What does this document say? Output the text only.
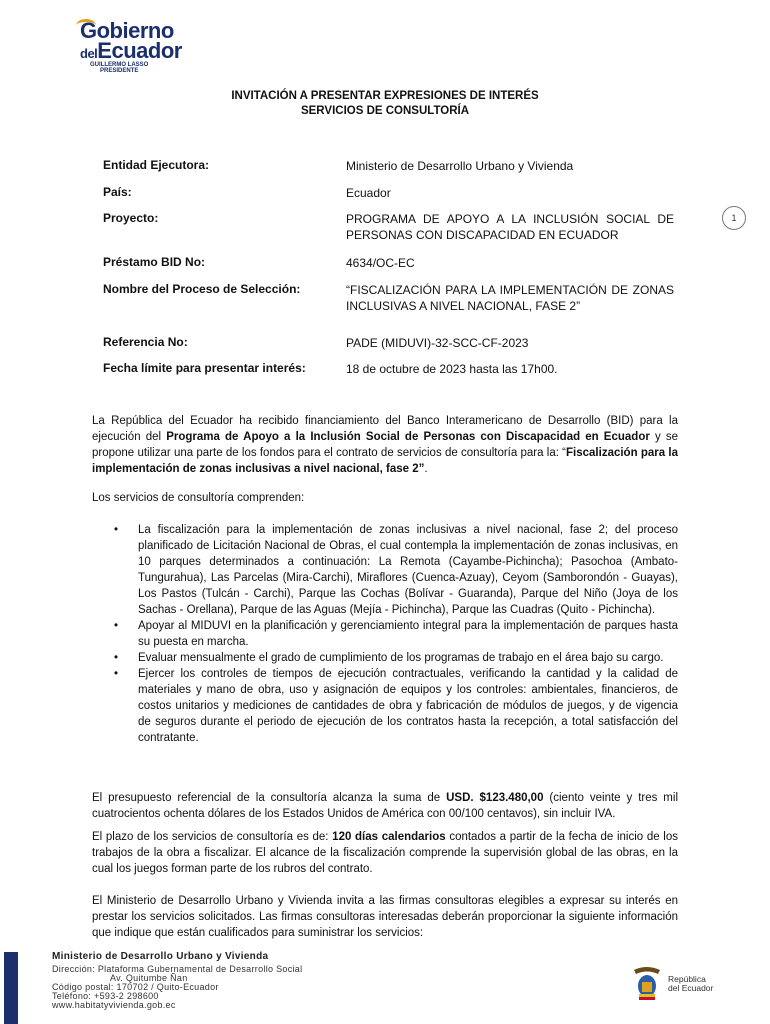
Gobierno
delEcuador
GUILLERMO LASSO
PRESIDENTE
INVITACIÓN A PRESENTAR EXPRESIONES DE INTERÉS
SERVICIOS DE CONSULTORÍA
Entidad Ejecutora:	Ministerio de Desarrollo Urbano y Vivienda
País:	Ecuador
Proyecto:	PROGRAMA DE APOYO A LA INCLUSIÓN SOCIAL DE PERSONAS CON DISCAPACIDAD EN ECUADOR
Préstamo BID No:	4634/OC-EC
Nombre del Proceso de Selección:	“FISCALIZACIÓN PARA LA IMPLEMENTACIÓN DE ZONAS INCLUSIVAS A NIVEL NACIONAL, FASE 2”
Referencia No:	PADE (MIDUVI)-32-SCC-CF-2023
Fecha límite para presentar interés:	18 de octubre de 2023 hasta las 17h00.
1
La República del Ecuador ha recibido financiamiento del Banco Interamericano de Desarrollo (BID) para la ejecución del Programa de Apoyo a la Inclusión Social de Personas con Discapacidad en Ecuador y se propone utilizar una parte de los fondos para el contrato de servicios de consultoría para la: “Fiscalización para la implementación de zonas inclusivas a nivel nacional, fase 2”.
Los servicios de consultoría comprenden:
• La fiscalización para la implementación de zonas inclusivas a nivel nacional, fase 2; del proceso planificado de Licitación Nacional de Obras, el cual contempla la implementación de zonas inclusivas, en 10 parques determinados a continuación: La Remota (Cayambe-Pichincha); Pasochoa (Ambato-Tungurahua), Las Parcelas (Mira-Carchi), Miraflores (Cuenca-Azuay), Ceyom (Samborondón - Guayas), Los Pastos (Tulcán - Carchi), Parque las Cochas (Bolívar - Guaranda), Parque del Niño (Joya de los Sachas - Orellana), Parque de las Aguas (Mejía - Pichincha), Parque las Cuadras (Quito - Pichincha).
• Apoyar al MIDUVI en la planificación y gerenciamiento integral para la implementación de parques hasta su puesta en marcha.
• Evaluar mensualmente el grado de cumplimiento de los programas de trabajo en el área bajo su cargo.
• Ejercer los controles de tiempos de ejecución contractuales, verificando la cantidad y la calidad de materiales y mano de obra, uso y asignación de equipos y los controles: ambientales, financieros, de costos unitarios y mediciones de cantidades de obra y fabricación de módulos de juegos, y de vigencia de seguros durante el periodo de ejecución de los contratos hasta la recepción, a total satisfacción del contratante.
El presupuesto referencial de la consultoría alcanza la suma de USD. $123.480,00 (ciento veinte y tres mil cuatrocientos ochenta dólares de los Estados Unidos de América con 00/100 centavos), sin incluir IVA.
El plazo de los servicios de consultoría es de: 120 días calendarios contados a partir de la fecha de inicio de los trabajos de la obra a fiscalizar. El alcance de la fiscalización comprende la supervisión global de las obras, en la cual los juegos forman parte de los rubros del contrato.
El Ministerio de Desarrollo Urbano y Vivienda invita a las firmas consultoras elegibles a expresar su interés en prestar los servicios solicitados. Las firmas consultoras interesadas deberán proporcionar la siguiente información que indique que están cualificados para suministrar los servicios:
Ministerio de Desarrollo Urbano y Vivienda
Dirección: Plataforma Gubernamental de Desarrollo Social
Av. Quitumbe Ñan
Código postal: 170702 / Quito-Ecuador
Teléfono: +593-2 298600
www.habitatyvivienda.gob.ec
República
del Ecuador
